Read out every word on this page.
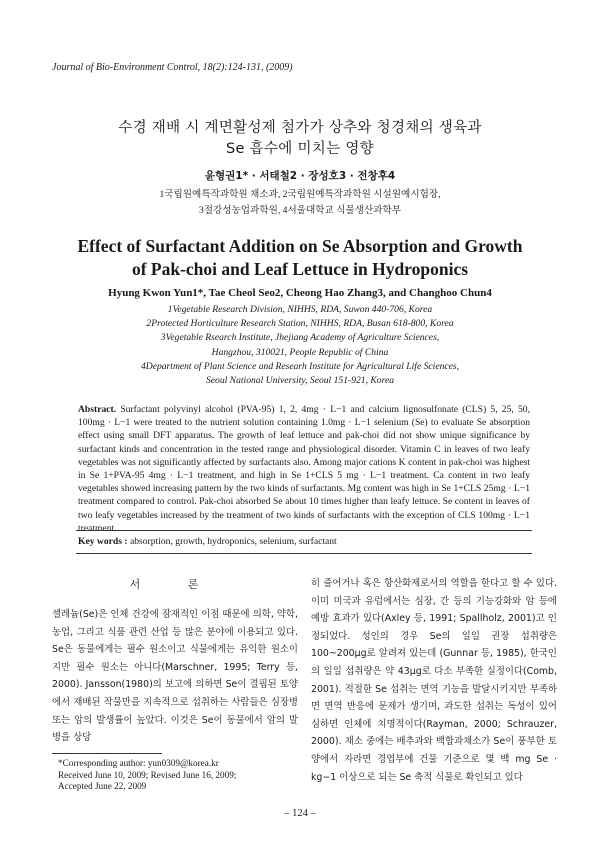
Journal of Bio-Environment Control, 18(2):124-131, (2009)
수경 재배 시 계면활성제 첨가가 상추와 청경채의 생육과
Se 흡수에 미치는 영향
윤형권1* · 서태철2 · 장성호3 · 전창후4
1국립원예특작과학원 채소과, 2국립원예특작과학원 시설원예시험장,
3절강성농업과학원, 4서울대학교 식물생산과학부
Effect of Surfactant Addition on Se Absorption and Growth
of Pak-choi and Leaf Lettuce in Hydroponics
Hyung Kwon Yun1*, Tae Cheol Seo2, Cheong Hao Zhang3, and Changhoo Chun4
1Vegetable Research Division, NIHHS, RDA, Suwon 440-706, Korea
2Protected Horticulture Research Station, NIHHS, RDA, Busan 618-800, Korea
3Vegetable Rsearch Institute, Jhejiang Academy of Agriculture Sciences,
Hangzhou, 310021, People Republic of China
4Department of Plant Science and Researh Institute for Agricultural Life Sciences,
Seoul National University, Seoul 151-921, Korea
Abstract. Surfactant polyvinyl alcohol (PVA-95) 1, 2, 4mg · L−1 and calcium lignosulfonate (CLS) 5, 25, 50, 100mg · L−1 were treated to the nutrient solution containing 1.0mg · L−1 selenium (Se) to evaluate Se absorption effect using small DFT apparatus. The growth of leaf lettuce and pak-choi did not show unique significance by surfactant kinds and concentration in the tested range and physiological disorder. Vitamin C in leaves of two leafy vegetables was not significantly affected by surfactants also. Among major cations K content in pak-choi was highest in Se 1+PVA-95 4mg · L−1 treatment, and high in Se 1+CLS 5 mg · L−1 treatment. Ca content in two leafy vegetables showed increasing pattern by the two kinds of surfactants. Mg content was high in Se 1+CLS 25mg · L−1 treatment compared to control. Pak-choi absorbed Se about 10 times higher than leafy lettuce. Se content in leaves of two leafy vegetables increased by the treatment of two kinds of surfactants with the exception of CLS 100mg · L−1 treatment.
Key words : absorption, growth, hydroponics, selenium, surfactant
서 론
셀레늄(Se)은 인체 건강에 잠재적인 이점 때문에 의학, 약학, 농업, 그리고 식품 관련 산업 등 많은 분야에 이용되고 있다. Se은 동물에게는 필수 원소이고 식물에게는 유익한 원소이지만 필수 원소는 아니다(Marschner, 1995; Terry 등, 2000). Jansson(1980)의 보고에 의하면 Se이 결핍된 토양에서 재배된 작물만을 지속적으로 섭취하는 사람들은 심장병 또는 암의 발생률이 높았다. 이것은 Se이 동물에서 암의 발병을 상당
히 줄어거나 혹은 항산화제로서의 역할을 한다고 할 수 있다. 이미 미국과 유럽에서는 심장, 간 등의 기능강화와 암 등에 예방 효과가 있다(Axley 등, 1991; Spallholz, 2001)고 인정되었다. 성인의 경우 Se의 일일 권장 섭취량은 100~200μg로 알려져 있는데 (Gunnar 등, 1985), 한국인의 일일 섭취량은 약 43μg로 다소 부족한 실정이다(Comb, 2001). 적절한 Se 섭취는 면역 기능을 발달시키지만 부족하면 면역 반응에 문제가 생기며, 과도한 섭취는 독성이 있어 심하면 인체에 치명적이다(Rayman, 2000; Schrauzer, 2000). 채소 중에는 배추과와 백합과채소가 Se이 풍부한 토양에서 자라면 경엽부에 건물 기준으로 몇 백 mg Se · kg−1 이상으로 되는 Se 축적 식물로 확인되고 있다
*Corresponding author: yun0309@korea.kr
Received June 10, 2009; Revised June 16, 2009;
Accepted June 22, 2009
– 124 –
